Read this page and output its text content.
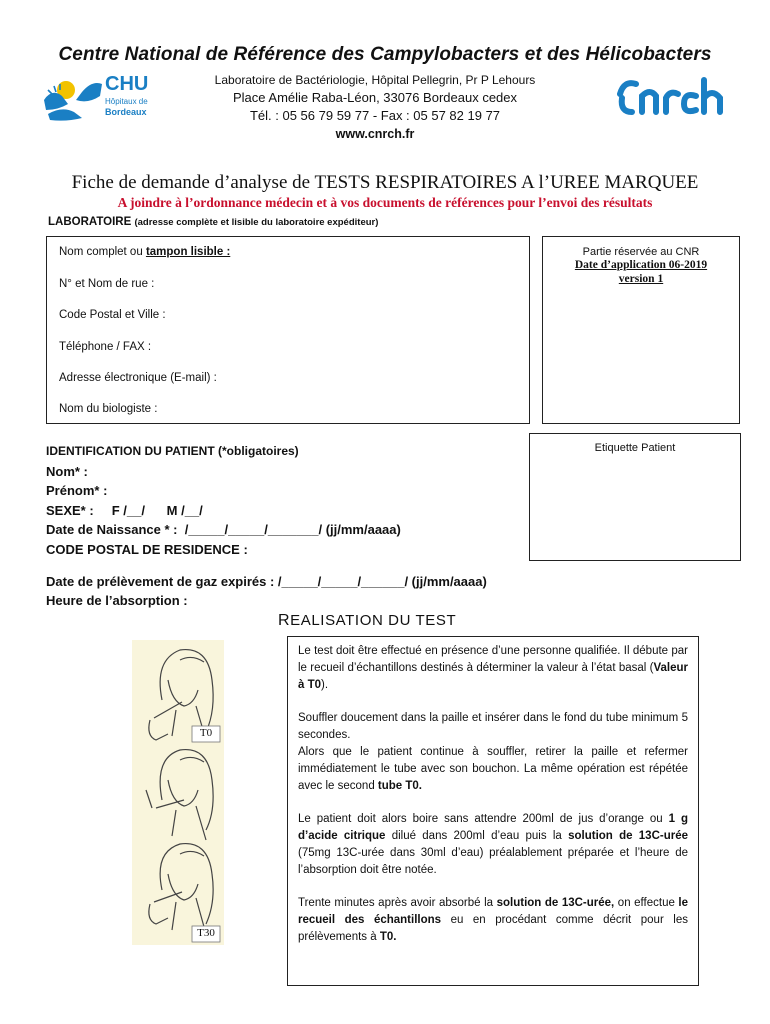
Centre National de Référence des Campylobacters et des Hélicobacters
CHU
Hôpitaux de
Bordeaux
Laboratoire de Bactériologie, Hôpital Pellegrin, Pr P Lehours
Place Amélie Raba-Léon, 33076 Bordeaux cedex
Tél. : 05 56 79 59 77 - Fax : 05 57 82 19 77
www.cnrch.fr
Fiche de demande d’analyse de TESTS RESPIRATOIRES A l’UREE MARQUEE
A joindre à l’ordonnance médecin et à vos documents de références pour l’envoi des résultats
LABORATOIRE (adresse complète et lisible du laboratoire expéditeur)
Nom complet ou tampon lisible :
N° et Nom de rue :
Code Postal et Ville :
Téléphone / FAX :
Adresse électronique (E-mail) :
Nom du biologiste :
Partie réservée au CNR
Date d’application 06-2019
version 1
Etiquette Patient
IDENTIFICATION DU PATIENT (*obligatoires)
Nom* :
Prénom* :
SEXE* :     F /__/      M /__/
Date de Naissance * :  /_____/_____/_______/ (jj/mm/aaaa)
CODE POSTAL DE RESIDENCE :
Date de prélèvement de gaz expirés : /_____/_____/______/ (jj/mm/aaaa)
Heure de l’absorption :
REALISATION DU TEST
T0
T30

Le test doit être effectué en présence d’une personne qualifiée. Il débute par le recueil d’échantillons destinés à déterminer la valeur à l’état basal (Valeur à T0).

Souffler doucement dans la paille et insérer dans le fond du tube minimum 5 secondes.
Alors que le patient continue à souffler, retirer la paille et refermer immédiatement le tube avec son bouchon. La même opération est répétée avec le second tube T0.

Le patient doit alors boire sans attendre 200ml de jus d’orange ou 1 g d’acide citrique dilué dans 200ml d’eau puis la solution de 13C-urée (75mg 13C-urée dans 30ml d’eau) préalablement préparée et l’heure de l’absorption doit être notée.

Trente minutes après avoir absorbé la solution de 13C-urée, on effectue le recueil des échantillons eu en procédant comme décrit pour les prélèvements à T0.
